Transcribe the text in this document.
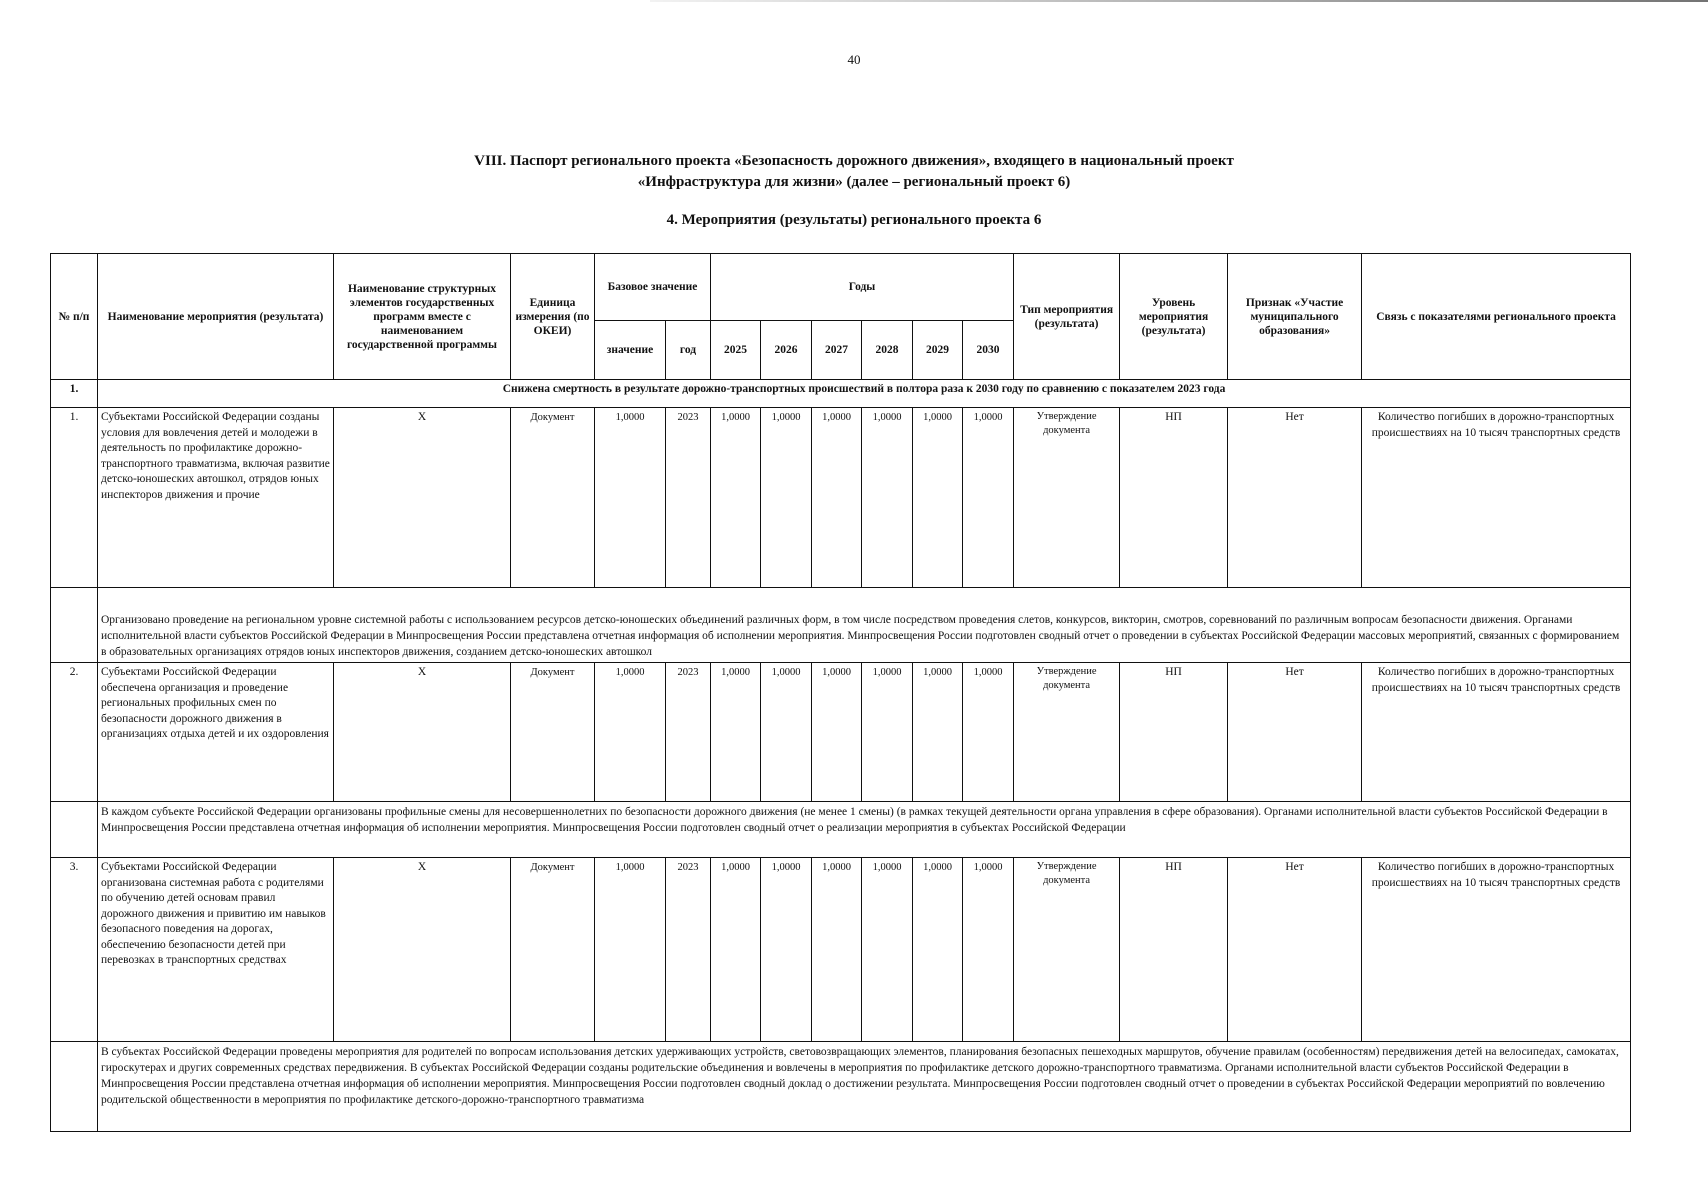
40
VIII. Паспорт регионального проекта «Безопасность дорожного движения», входящего в национальный проект
«Инфраструктура для жизни» (далее – региональный проект 6)
4. Мероприятия (результаты) регионального проекта 6
№ п/п	Наименование мероприятия (результата)	Наименование структурных элементов государственных программ вместе с наименованием государственной программы	Единица измерения (по ОКЕИ)	Базовое значение		Годы						Тип мероприятия (результата)	Уровень мероприятия (результата)	Признак «Участие муниципального образования»	Связь с показателями регионального проекта
				значение	год	2025	2026	2027	2028	2029	2030				
1.	Снижена смертность в результате дорожно-транспортных происшествий в полтора раза к 2030 году по сравнению с показателем 2023 года														
1.	Субъектами Российской Федерации созданы условия для вовлечения детей и молодежи в деятельность по профилактике дорожно-транспортного травматизма, включая развитие детско-юношеских автошкол, отрядов юных инспекторов движения и прочие	X	Документ	1,0000	2023	1,0000	1,0000	1,0000	1,0000	1,0000	1,0000	Утверждение документа	НП	Нет	Количество погибших в дорожно-транспортных происшествиях на 10 тысяч транспортных средств
	Организовано проведение на региональном уровне системной работы с использованием ресурсов детско-юношеских объединений различных форм, в том числе посредством проведения слетов, конкурсов, викторин, смотров, соревнований по различным вопросам безопасности движения. Органами исполнительной власти субъектов Российской Федерации в Минпросвещения России представлена отчетная информация об исполнении мероприятия. Минпросвещения России подготовлен сводный отчет о проведении в субъектах Российской Федерации массовых мероприятий, связанных с формированием в образовательных организациях отрядов юных инспекторов движения, созданием детско-юношеских автошкол														
2.	Субъектами Российской Федерации обеспечена организация и проведение региональных профильных смен по безопасности дорожного движения в организациях отдыха детей и их оздоровления	X	Документ	1,0000	2023	1,0000	1,0000	1,0000	1,0000	1,0000	1,0000	Утверждение документа	НП	Нет	Количество погибших в дорожно-транспортных происшествиях на 10 тысяч транспортных средств
	В каждом субъекте Российской Федерации организованы профильные смены для несовершеннолетних по безопасности дорожного движения (не менее 1 смены) (в рамках текущей деятельности органа управления в сфере образования). Органами исполнительной власти субъектов Российской Федерации в Минпросвещения России представлена отчетная информация об исполнении мероприятия. Минпросвещения России подготовлен сводный отчет о реализации мероприятия в субъектах Российской Федерации														
3.	Субъектами Российской Федерации организована системная работа с родителями по обучению детей основам правил дорожного движения и привитию им навыков безопасного поведения на дорогах, обеспечению безопасности детей при перевозках в транспортных средствах	X	Документ	1,0000	2023	1,0000	1,0000	1,0000	1,0000	1,0000	1,0000	Утверждение документа	НП	Нет	Количество погибших в дорожно-транспортных происшествиях на 10 тысяч транспортных средств
	В субъектах Российской Федерации проведены мероприятия для родителей по вопросам использования детских удерживающих устройств, световозвращающих элементов, планирования безопасных пешеходных маршрутов, обучение правилам (особенностям) передвижения детей на велосипедах, самокатах, гироскутерах и других современных средствах передвижения. В субъектах Российской Федерации созданы родительские объединения и вовлечены в мероприятия по профилактике детского дорожно-транспортного травматизма. Органами исполнительной власти субъектов Российской Федерации в Минпросвещения России представлена отчетная информация об исполнении мероприятия. Минпросвещения России подготовлен сводный доклад о достижении результата. Минпросвещения России подготовлен сводный отчет о проведении в субъектах Российской Федерации мероприятий по вовлечению родительской общественности в мероприятия по профилактике детского-дорожно-транспортного травматизма														
